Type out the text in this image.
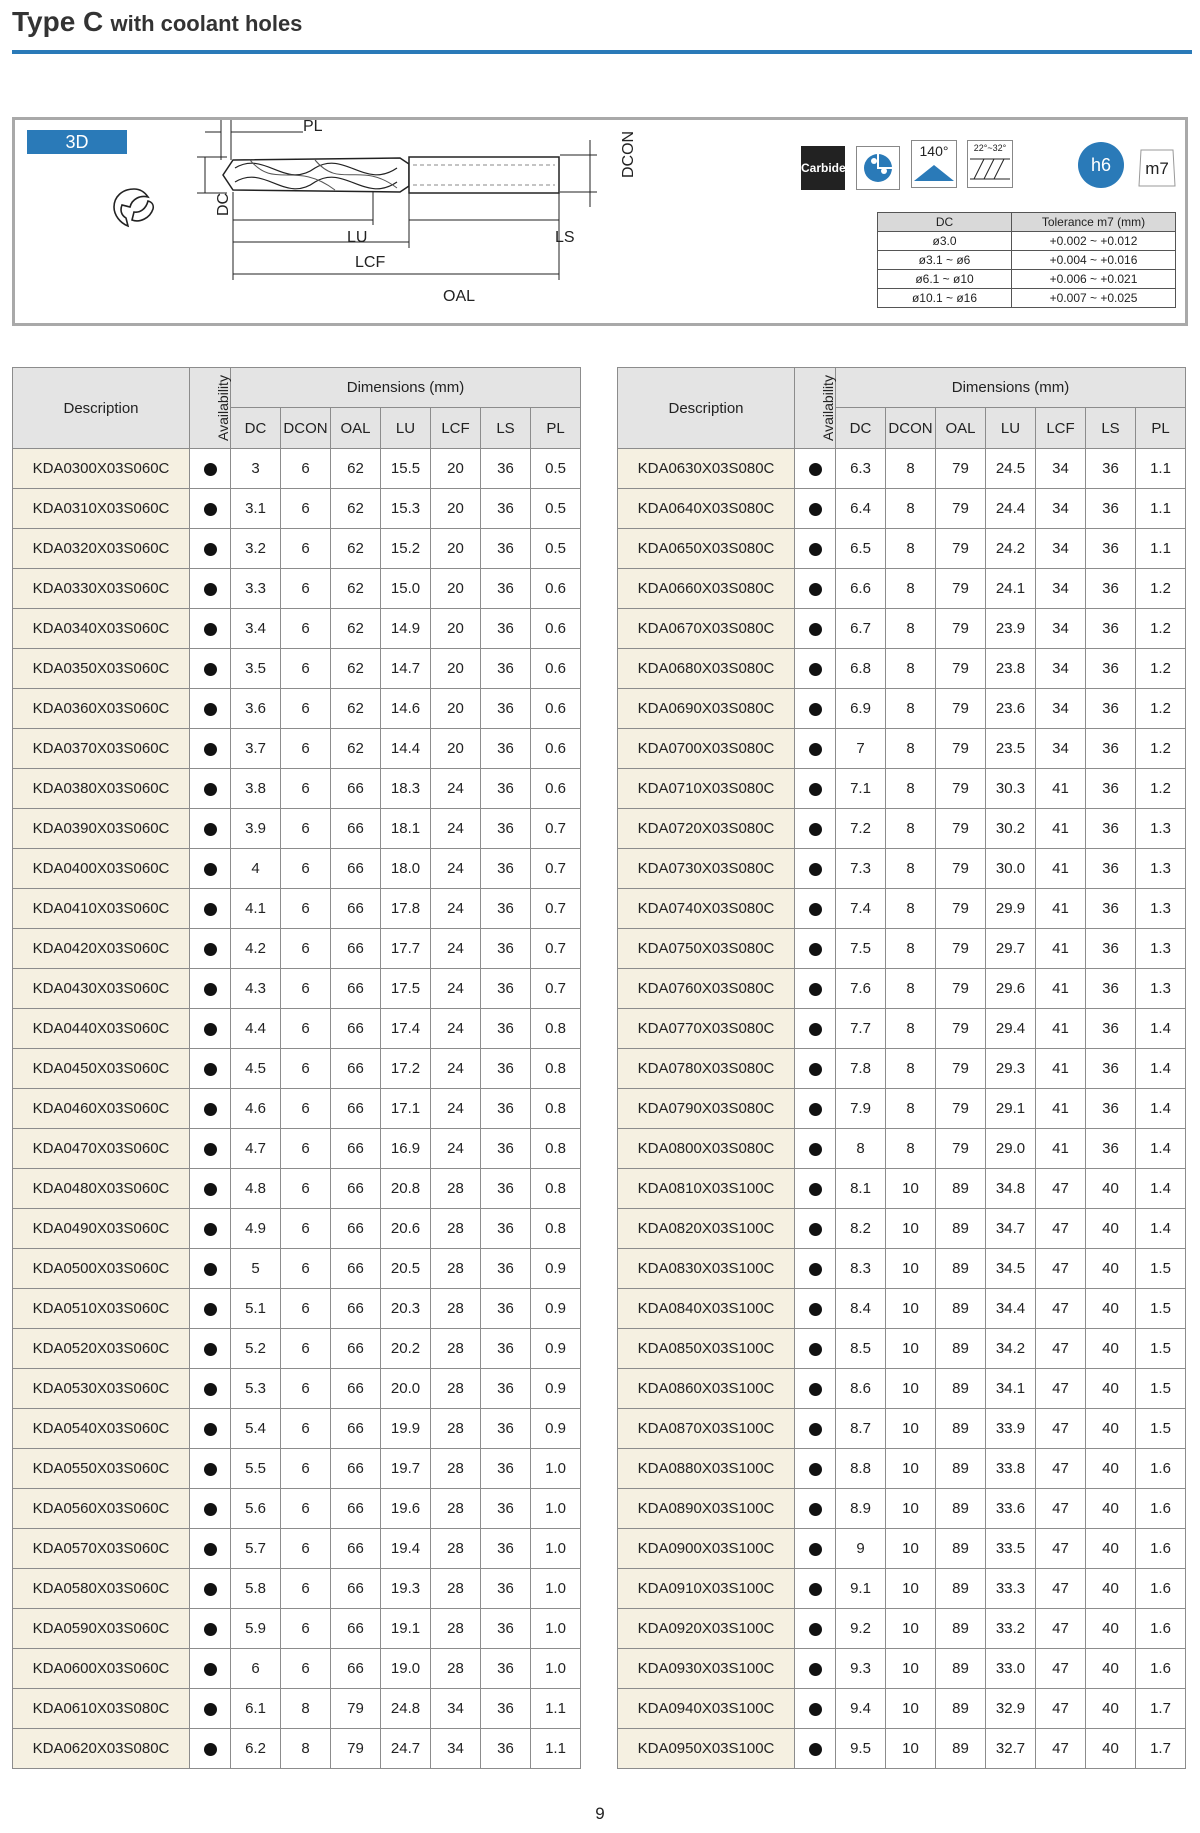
Type C with coolant holes
3D
PL
DC
DCON
LU	LS
LCF
OAL
Carbide
140°	22°~32°
h6	m7
DC	Tolerance m7 (mm)
ø3.0	+0.002 ~ +0.012
ø3.1 ~ ø6	+0.004 ~ +0.016
ø6.1 ~ ø10	+0.006 ~ +0.021
ø10.1 ~ ø16	+0.007 ~ +0.025
Description	Availability	Dimensions (mm)						
		DC	DCON	OAL	LU	LCF	LS	PL
KDA0300X03S060C		3	6	62	15.5	20	36	0.5
KDA0310X03S060C		3.1	6	62	15.3	20	36	0.5
KDA0320X03S060C		3.2	6	62	15.2	20	36	0.5
KDA0330X03S060C		3.3	6	62	15.0	20	36	0.6
KDA0340X03S060C		3.4	6	62	14.9	20	36	0.6
KDA0350X03S060C		3.5	6	62	14.7	20	36	0.6
KDA0360X03S060C		3.6	6	62	14.6	20	36	0.6
KDA0370X03S060C		3.7	6	62	14.4	20	36	0.6
KDA0380X03S060C		3.8	6	66	18.3	24	36	0.6
KDA0390X03S060C		3.9	6	66	18.1	24	36	0.7
KDA0400X03S060C		4	6	66	18.0	24	36	0.7
KDA0410X03S060C		4.1	6	66	17.8	24	36	0.7
KDA0420X03S060C		4.2	6	66	17.7	24	36	0.7
KDA0430X03S060C		4.3	6	66	17.5	24	36	0.7
KDA0440X03S060C		4.4	6	66	17.4	24	36	0.8
KDA0450X03S060C		4.5	6	66	17.2	24	36	0.8
KDA0460X03S060C		4.6	6	66	17.1	24	36	0.8
KDA0470X03S060C		4.7	6	66	16.9	24	36	0.8
KDA0480X03S060C		4.8	6	66	20.8	28	36	0.8
KDA0490X03S060C		4.9	6	66	20.6	28	36	0.8
KDA0500X03S060C		5	6	66	20.5	28	36	0.9
KDA0510X03S060C		5.1	6	66	20.3	28	36	0.9
KDA0520X03S060C		5.2	6	66	20.2	28	36	0.9
KDA0530X03S060C		5.3	6	66	20.0	28	36	0.9
KDA0540X03S060C		5.4	6	66	19.9	28	36	0.9
KDA0550X03S060C		5.5	6	66	19.7	28	36	1.0
KDA0560X03S060C		5.6	6	66	19.6	28	36	1.0
KDA0570X03S060C		5.7	6	66	19.4	28	36	1.0
KDA0580X03S060C		5.8	6	66	19.3	28	36	1.0
KDA0590X03S060C		5.9	6	66	19.1	28	36	1.0
KDA0600X03S060C		6	6	66	19.0	28	36	1.0
KDA0610X03S080C		6.1	8	79	24.8	34	36	1.1
KDA0620X03S080C		6.2	8	79	24.7	34	36	1.1
Description	Availability	Dimensions (mm)						
		DC	DCON	OAL	LU	LCF	LS	PL
KDA0630X03S080C		6.3	8	79	24.5	34	36	1.1
KDA0640X03S080C		6.4	8	79	24.4	34	36	1.1
KDA0650X03S080C		6.5	8	79	24.2	34	36	1.1
KDA0660X03S080C		6.6	8	79	24.1	34	36	1.2
KDA0670X03S080C		6.7	8	79	23.9	34	36	1.2
KDA0680X03S080C		6.8	8	79	23.8	34	36	1.2
KDA0690X03S080C		6.9	8	79	23.6	34	36	1.2
KDA0700X03S080C		7	8	79	23.5	34	36	1.2
KDA0710X03S080C		7.1	8	79	30.3	41	36	1.2
KDA0720X03S080C		7.2	8	79	30.2	41	36	1.3
KDA0730X03S080C		7.3	8	79	30.0	41	36	1.3
KDA0740X03S080C		7.4	8	79	29.9	41	36	1.3
KDA0750X03S080C		7.5	8	79	29.7	41	36	1.3
KDA0760X03S080C		7.6	8	79	29.6	41	36	1.3
KDA0770X03S080C		7.7	8	79	29.4	41	36	1.4
KDA0780X03S080C		7.8	8	79	29.3	41	36	1.4
KDA0790X03S080C		7.9	8	79	29.1	41	36	1.4
KDA0800X03S080C		8	8	79	29.0	41	36	1.4
KDA0810X03S100C		8.1	10	89	34.8	47	40	1.4
KDA0820X03S100C		8.2	10	89	34.7	47	40	1.4
KDA0830X03S100C		8.3	10	89	34.5	47	40	1.5
KDA0840X03S100C		8.4	10	89	34.4	47	40	1.5
KDA0850X03S100C		8.5	10	89	34.2	47	40	1.5
KDA0860X03S100C		8.6	10	89	34.1	47	40	1.5
KDA0870X03S100C		8.7	10	89	33.9	47	40	1.5
KDA0880X03S100C		8.8	10	89	33.8	47	40	1.6
KDA0890X03S100C		8.9	10	89	33.6	47	40	1.6
KDA0900X03S100C		9	10	89	33.5	47	40	1.6
KDA0910X03S100C		9.1	10	89	33.3	47	40	1.6
KDA0920X03S100C		9.2	10	89	33.2	47	40	1.6
KDA0930X03S100C		9.3	10	89	33.0	47	40	1.6
KDA0940X03S100C		9.4	10	89	32.9	47	40	1.7
KDA0950X03S100C		9.5	10	89	32.7	47	40	1.7
9
